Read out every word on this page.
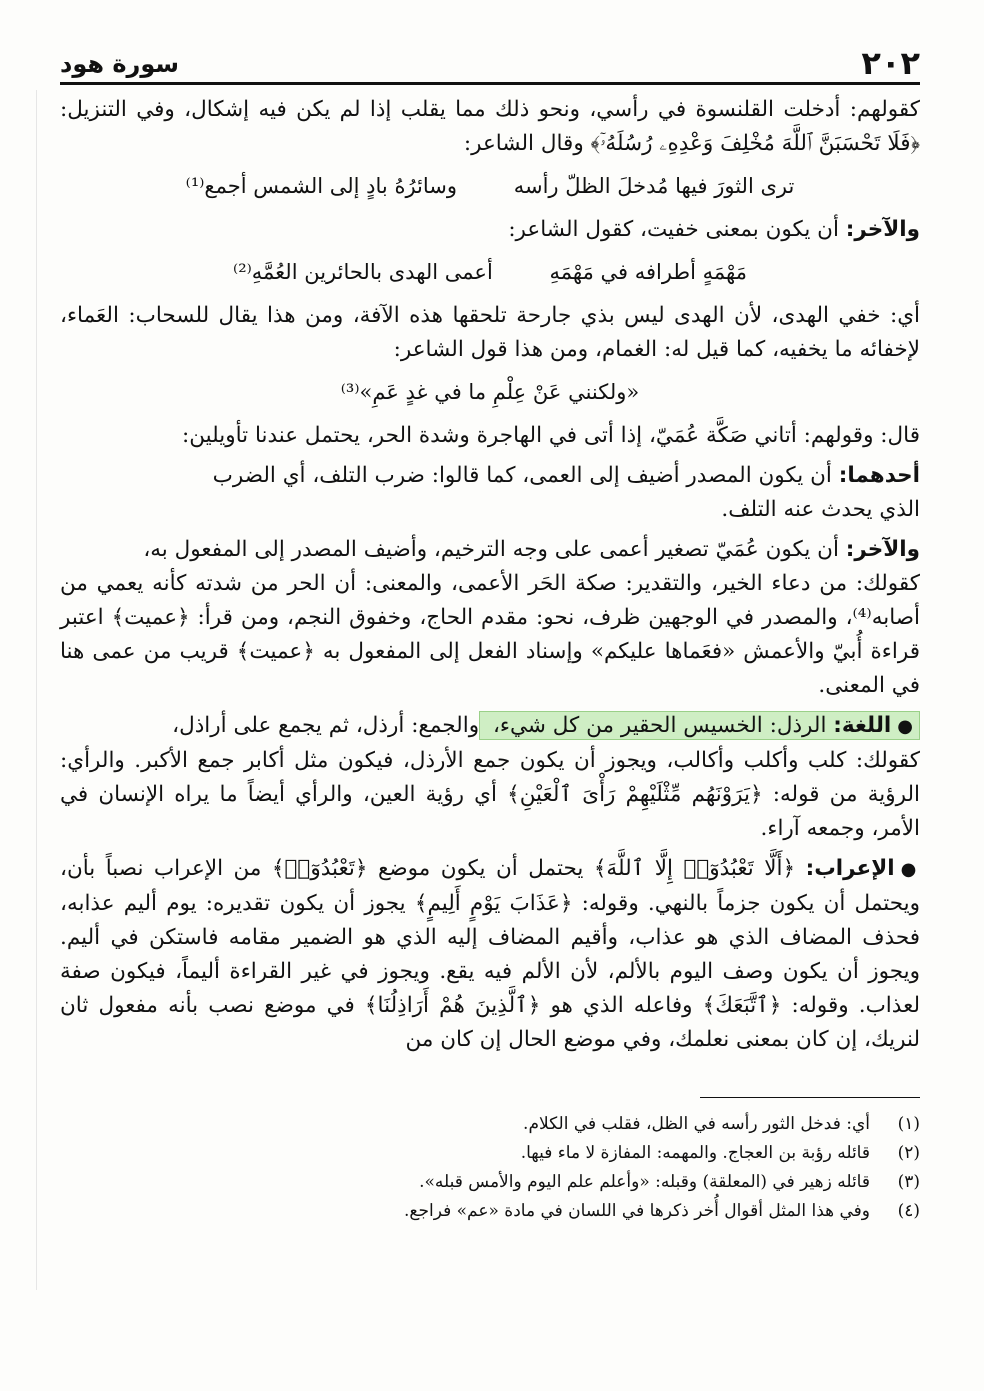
٢٠٢
سورة هود

كقولهم: أدخلت القلنسوة في رأسي، ونحو ذلك مما يقلب إذا لم يكن فيه إشكال، وفي التنزيل: ﴿فَلَا تَحْسَبَنَّ ٱللَّهَ مُخْلِفَ وَعْدِهِۦ رُسُلَهُۥٓ﴾ وقال الشاعر:

ترى الثورَ فيها مُدخلَ الظلّ رأسه وسائرُهُ بادٍ إلى الشمس أجمع⁽¹⁾

والآخر: أن يكون بمعنى خفيت، كقول الشاعر:

مَهْمَهٍ أطرافه في مَهْمَهِ أعمى الهدى بالحائرين العُمَّهِ⁽²⁾

أي: خفي الهدى، لأن الهدى ليس بذي جارحة تلحقها هذه الآفة، ومن هذا يقال للسحاب: العَماء، لإخفائه ما يخفيه، كما قيل له: الغمام، ومن هذا قول الشاعر:

«ولكنني عَنْ عِلْمِ ما في غدٍ عَمِ»⁽³⁾

قال: وقولهم: أتاني صَكَّة عُمَيّ، إذا أتى في الهاجرة وشدة الحر، يحتمل عندنا تأويلين:

أحدهما: أن يكون المصدر أضيف إلى العمى، كما قالوا: ضرب التلف، أي الضرب

الذي يحدث عنه التلف.

والآخر: أن يكون عُمَيّ تصغير أعمى على وجه الترخيم، وأضيف المصدر إلى المفعول به،

كقولك: من دعاء الخير، والتقدير: صكة الحَر الأعمى، والمعنى: أن الحر من شدته كأنه يعمي من أصابه⁽⁴⁾، والمصدر في الوجهين ظرف، نحو: مقدم الحاج، وخفوق النجم، ومن قرأ: ﴿عميت﴾ اعتبر قراءة أُبيّ والأعمش «فعَماها عليكم» وإسناد الفعل إلى المفعول به ﴿عميت﴾ قريب من عمى هنا في المعنى.

●اللغة: الرذل: الخسيس الحقير من كل شيء، والجمع: أرذل، ثم يجمع على أراذل،

كقولك: كلب وأكلب وأكالب، ويجوز أن يكون جمع الأرذل، فيكون مثل أكابر جمع الأكبر. والرأي: الرؤية من قوله: ﴿يَرَوْنَهُم مِّثْلَيْهِمْ رَأْىَ ٱلْعَيْنِ﴾ أي رؤية العين، والرأي أيضاً ما يراه الإنسان في الأمر، وجمعه آراء.

●الإعراب: ﴿أَلَّا تَعْبُدُوٓا۟ إِلَّا ٱللَّهَ﴾ يحتمل أن يكون موضع ﴿تَعْبُدُوٓا۟﴾ من الإعراب نصباً بأن، ويحتمل أن يكون جزماً بالنهي. وقوله: ﴿عَذَابَ يَوْمٍ أَلِيمٍ﴾ يجوز أن يكون تقديره: يوم أليم عذابه، فحذف المضاف الذي هو عذاب، وأقيم المضاف إليه الذي هو الضمير مقامه فاستكن في أليم. ويجوز أن يكون وصف اليوم بالألم، لأن الألم فيه يقع. ويجوز في غير القراءة أليماً، فيكون صفة لعذاب. وقوله: ﴿ٱتَّبَعَكَ﴾ وفاعله الذي هو ﴿ٱلَّذِينَ هُمْ أَرَاذِلُنَا﴾ في موضع نصب بأنه مفعول ثان لنريك، إن كان بمعنى نعلمك، وفي موضع الحال إن كان من

(١)
أي: فدخل الثور رأسه في الظل، فقلب في الكلام.
(٢)
قائله رؤبة بن العجاج. والمهمه: المفازة لا ماء فيها.
(٣)
قائله زهير في (المعلقة) وقبله: «وأعلم علم اليوم والأمس قبله».
(٤)
وفي هذا المثل أقوال أُخر ذكرها في اللسان في مادة «عم» فراجع.
